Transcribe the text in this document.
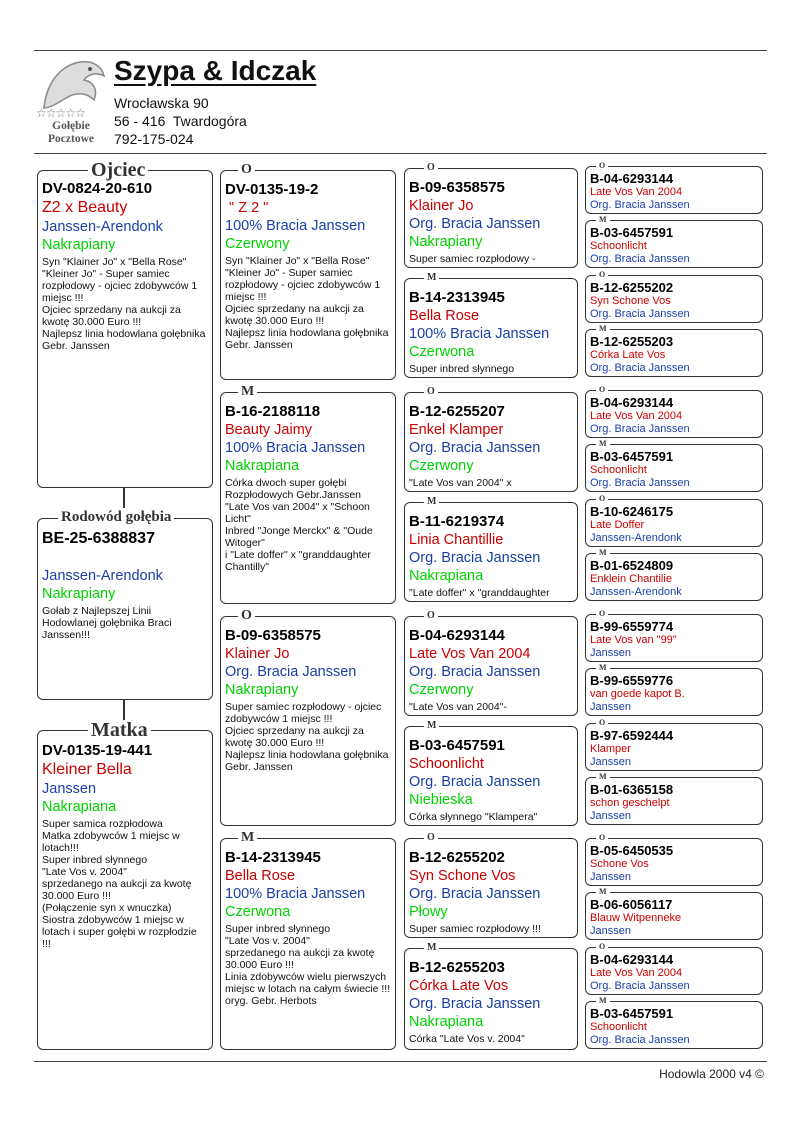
☆☆☆☆☆
Gołębie
Pocztowe
Szypa & Idczak
Wrocławska 90
56 - 416  Twardogóra
792-175-024
DV-0824-20-610
Z2 x Beauty
Janssen-Arendonk
Nakrapiany
Syn "Klainer Jo" x "Bella Rose"
"Kleiner Jo" - Super samiec rozpłodowy - ojciec zdobywców 1 miejsc !!!
Ojciec sprzedany na aukcji za kwotę 30.000 Euro !!!
Najlepsz linia hodowlana gołębnika Gebr. Janssen
Ojciec
BE-25-6388837
Janssen-Arendonk
Nakrapiany
Gołab z Najlepszej Linii Hodowlanej gołębnika Braci Janssen!!!
Rodowód gołębia
DV-0135-19-441
Kleiner Bella
Janssen
Nakrapiana
Super samica rozpłodowa
Matka zdobywców 1 miejsc w lotach!!!
Super inbred słynnego
"Late Vos v. 2004"
sprzedanego na aukcji za kwotę 30.000 Euro !!!
(Połączenie syn x wnuczka)
Siostra zdobywców 1 miejsc w lotach i super gołębi w rozpłodzie !!!
Matka
DV-0135-19-2
" Z 2 "
100% Bracia Janssen
Czerwony
Syn "Klainer Jo" x "Bella Rose"
"Kleiner Jo" - Super samiec rozpłodowy - ojciec zdobywców 1 miejsc !!!
Ojciec sprzedany na aukcji za kwotę 30.000 Euro !!!
Najlepsz linia hodowlana gołębnika Gebr. Janssen
O
B-16-2188118
Beauty Jaimy
100% Bracia Janssen
Nakrapiana
Córka dwoch super gołębi Rozpłodowych Gebr.Janssen
"Late Vos van 2004" x "Schoon Licht"
Inbred "Jonge Merckx" & "Oude
Witoger"
i "Late doffer" x "granddaughter Chantilly"
M
B-09-6358575
Klainer Jo
Org. Bracia Janssen
Nakrapiany
Super samiec rozpłodowy - ojciec zdobywców 1 miejsc !!!
Ojciec sprzedany na aukcji za kwotę 30.000 Euro !!!
Najlepsz linia hodowlana gołębnika Gebr. Janssen
O
B-14-2313945
Bella Rose
100% Bracia Janssen
Czerwona
Super inbred słynnego
"Late Vos v. 2004"
sprzedanego na aukcji za kwotę 30.000 Euro !!!
Linia zdobywców wielu pierwszych miejsc w lotach na całym świecie !!!
oryg. Gebr. Herbots
M
B-09-6358575
Klainer Jo
Org. Bracia Janssen
Nakrapiany
Super samiec rozpłodowy -
O
B-14-2313945
Bella Rose
100% Bracia Janssen
Czerwona
Super inbred słynnego
M
B-12-6255207
Enkel Klamper
Org. Bracia Janssen
Czerwony
"Late Vos van 2004" x
O
B-11-6219374
Linia Chantillie
Org. Bracia Janssen
Nakrapiana
"Late doffer" x "granddaughter
M
B-04-6293144
Late Vos Van 2004
Org. Bracia Janssen
Czerwony
"Late Vos van 2004"-
O
B-03-6457591
Schoonlicht
Org. Bracia Janssen
Niebieska
Córka słynnego "Klampera"
M
B-12-6255202
Syn Schone Vos
Org. Bracia Janssen
Płowy
Super samiec rozpłodowy !!!
O
B-12-6255203
Córka Late Vos
Org. Bracia Janssen
Nakrapiana
Córka "Late Vos v. 2004"
M
B-04-6293144
Late Vos Van 2004
Org. Bracia Janssen
O
B-03-6457591
Schoonlicht
Org. Bracia Janssen
M
B-12-6255202
Syn Schone Vos
Org. Bracia Janssen
O
B-12-6255203
Córka Late Vos
Org. Bracia Janssen
M
B-04-6293144
Late Vos Van 2004
Org. Bracia Janssen
O
B-03-6457591
Schoonlicht
Org. Bracia Janssen
M
B-10-6246175
Late Doffer
Janssen-Arendonk
O
B-01-6524809
Enklein Chantilie
Janssen-Arendonk
M
B-99-6559774
Late Vos van "99"
Janssen
O
B-99-6559776
van goede kapot B.
Janssen
M
B-97-6592444
Klamper
Janssen
O
B-01-6365158
schon geschelpt
Janssen
M
B-05-6450535
Schone Vos
Janssen
O
B-06-6056117
Blauw Witpenneke
Janssen
M
B-04-6293144
Late Vos Van 2004
Org. Bracia Janssen
O
B-03-6457591
Schoonlicht
Org. Bracia Janssen
M
Hodowla 2000 v4 ©
